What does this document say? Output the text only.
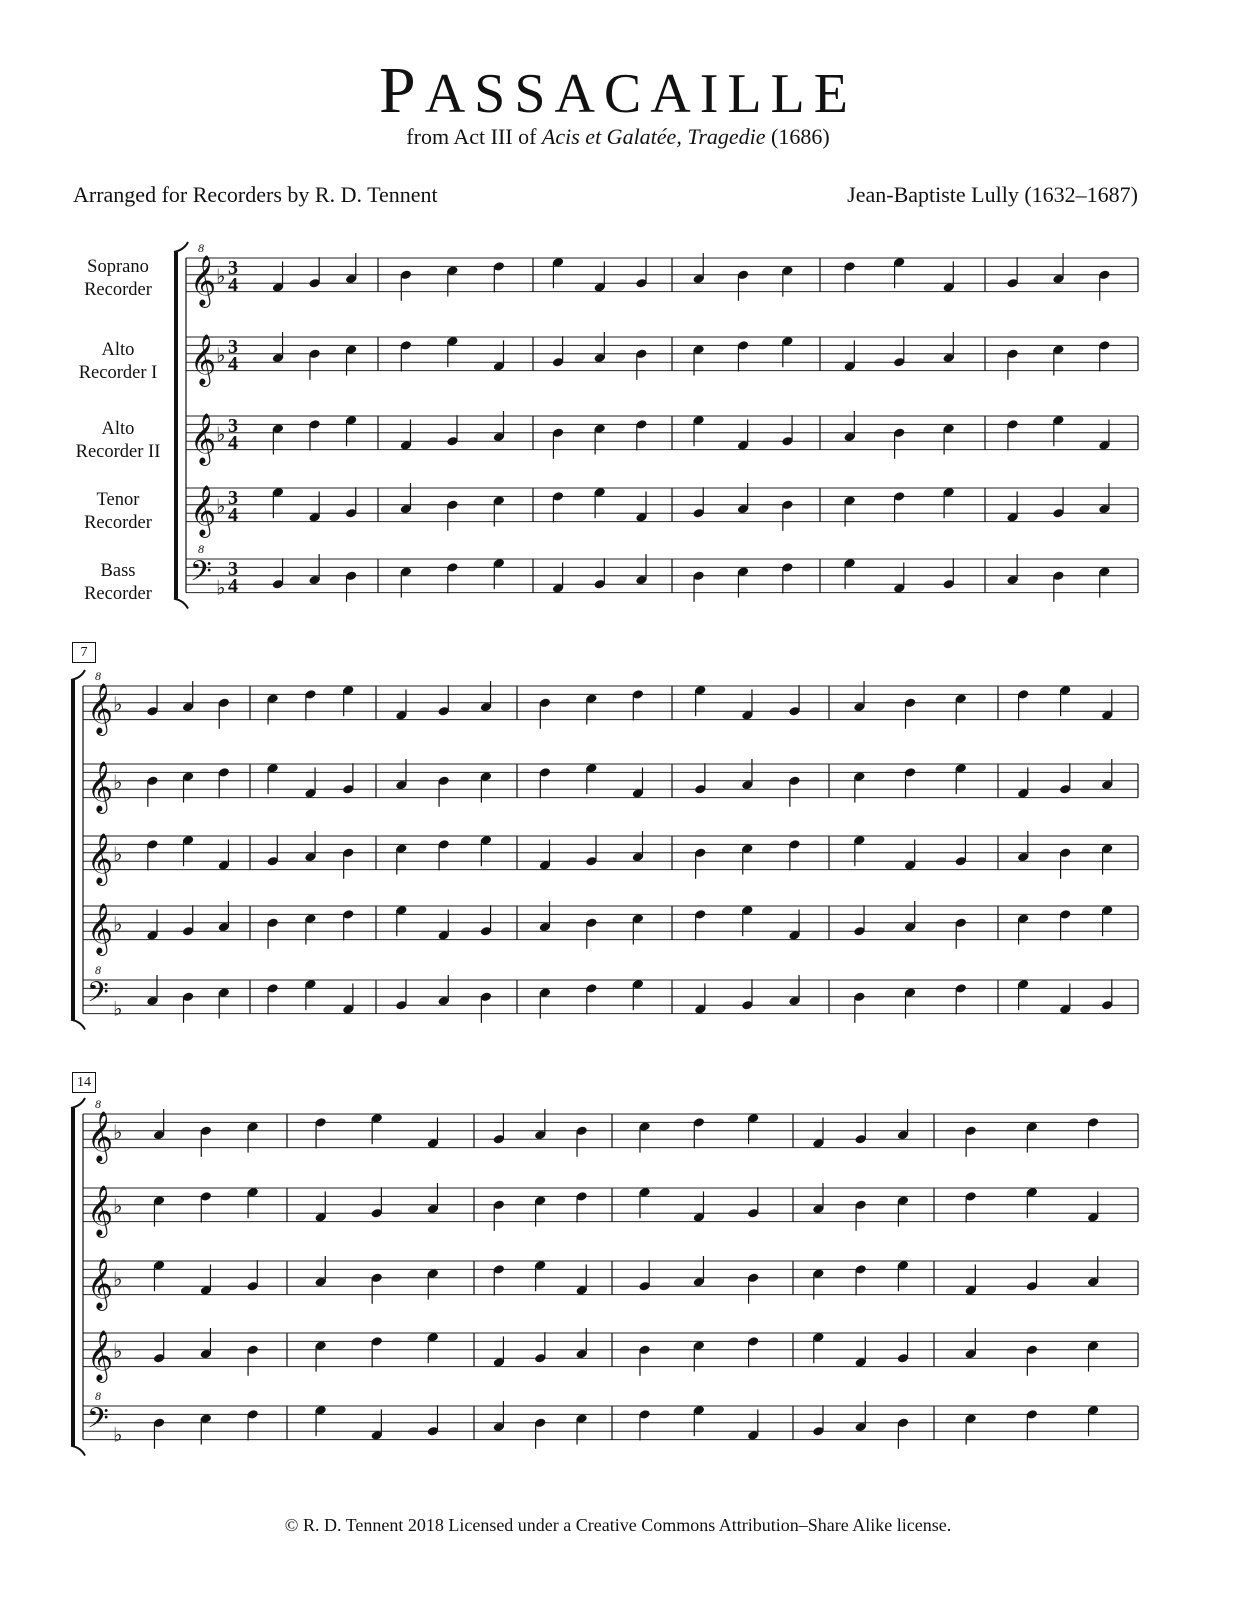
PASSACAILLE
from Act III of Acis et Galatée, Tragedie (1686)
Arranged for Recorders by R. D. Tennent	Jean-Baptiste Lully (1632–1687)
Soprano
Recorder
Alto
Recorder I
Alto
Recorder II
Tenor
Recorder
Bass
Recorder
7
14
𝄞
8
♭ 3
4
𝄞 ♭ 3
4
𝄞 ♭ 3
4
𝄞 ♭ 3
4
𝄢
8
♭
3
4
𝄞
8
♭
𝄞 ♭
𝄞 ♭
𝄞 ♭
𝄢
8
♭
𝄞
8
♭
𝄞 ♭
𝄞 ♭
𝄞 ♭
𝄢
8
♭
© R. D. Tennent 2018 Licensed under a Creative Commons Attribution–Share Alike license.
